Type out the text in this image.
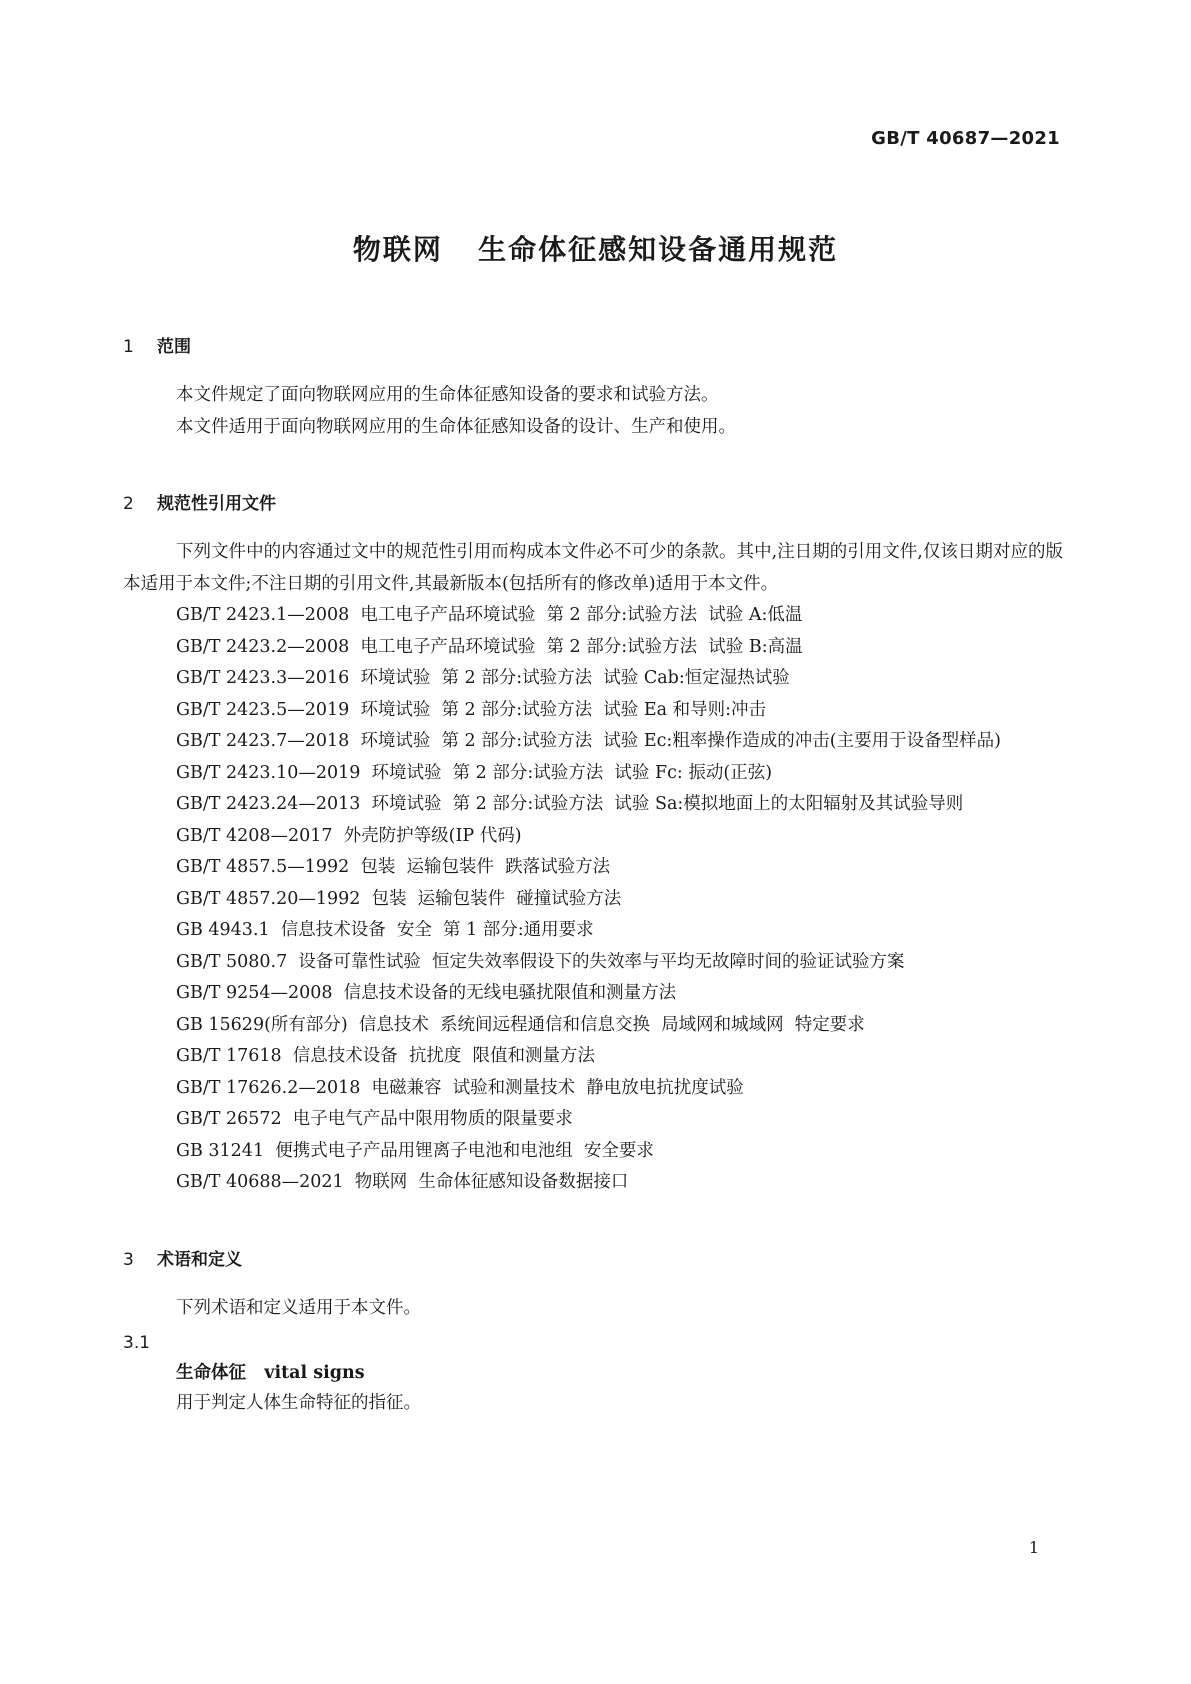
GB/T 40687—2021
物联网 生命体征感知设备通用规范
1 范围

本文件规定了面向物联网应用的生命体征感知设备的要求和试验方法。

本文件适用于面向物联网应用的生命体征感知设备的设计、生产和使用。

2 规范性引用文件

下列文件中的内容通过文中的规范性引用而构成本文件必不可少的条款。其中,注日期的引用文件,仅该日期对应的版本适用于本文件;不注日期的引用文件,其最新版本(包括所有的修改单)适用于本文件。

GB/T 2423.1—2008  电工电子产品环境试验  第 2 部分:试验方法  试验 A:低温

GB/T 2423.2—2008  电工电子产品环境试验  第 2 部分:试验方法  试验 B:高温

GB/T 2423.3—2016  环境试验  第 2 部分:试验方法  试验 Cab:恒定湿热试验

GB/T 2423.5—2019  环境试验  第 2 部分:试验方法  试验 Ea 和导则:冲击

GB/T 2423.7—2018  环境试验  第 2 部分:试验方法  试验 Ec:粗率操作造成的冲击(主要用于设备型样品)

GB/T 2423.10—2019  环境试验  第 2 部分:试验方法  试验 Fc: 振动(正弦)

GB/T 2423.24—2013  环境试验  第 2 部分:试验方法  试验 Sa:模拟地面上的太阳辐射及其试验导则

GB/T 4208—2017  外壳防护等级(IP 代码)

GB/T 4857.5—1992  包装  运输包装件  跌落试验方法

GB/T 4857.20—1992  包装  运输包装件  碰撞试验方法

GB 4943.1  信息技术设备  安全  第 1 部分:通用要求

GB/T 5080.7  设备可靠性试验  恒定失效率假设下的失效率与平均无故障时间的验证试验方案

GB/T 9254—2008  信息技术设备的无线电骚扰限值和测量方法

GB 15629(所有部分)  信息技术  系统间远程通信和信息交换  局域网和城域网  特定要求

GB/T 17618  信息技术设备  抗扰度  限值和测量方法

GB/T 17626.2—2018  电磁兼容  试验和测量技术  静电放电抗扰度试验

GB/T 26572  电子电气产品中限用物质的限量要求

GB 31241  便携式电子产品用锂离子电池和电池组  安全要求

GB/T 40688—2021  物联网  生命体征感知设备数据接口

3 术语和定义

下列术语和定义适用于本文件。

3.1
生命体征 vital signs
用于判定人体生命特征的指征。
1
